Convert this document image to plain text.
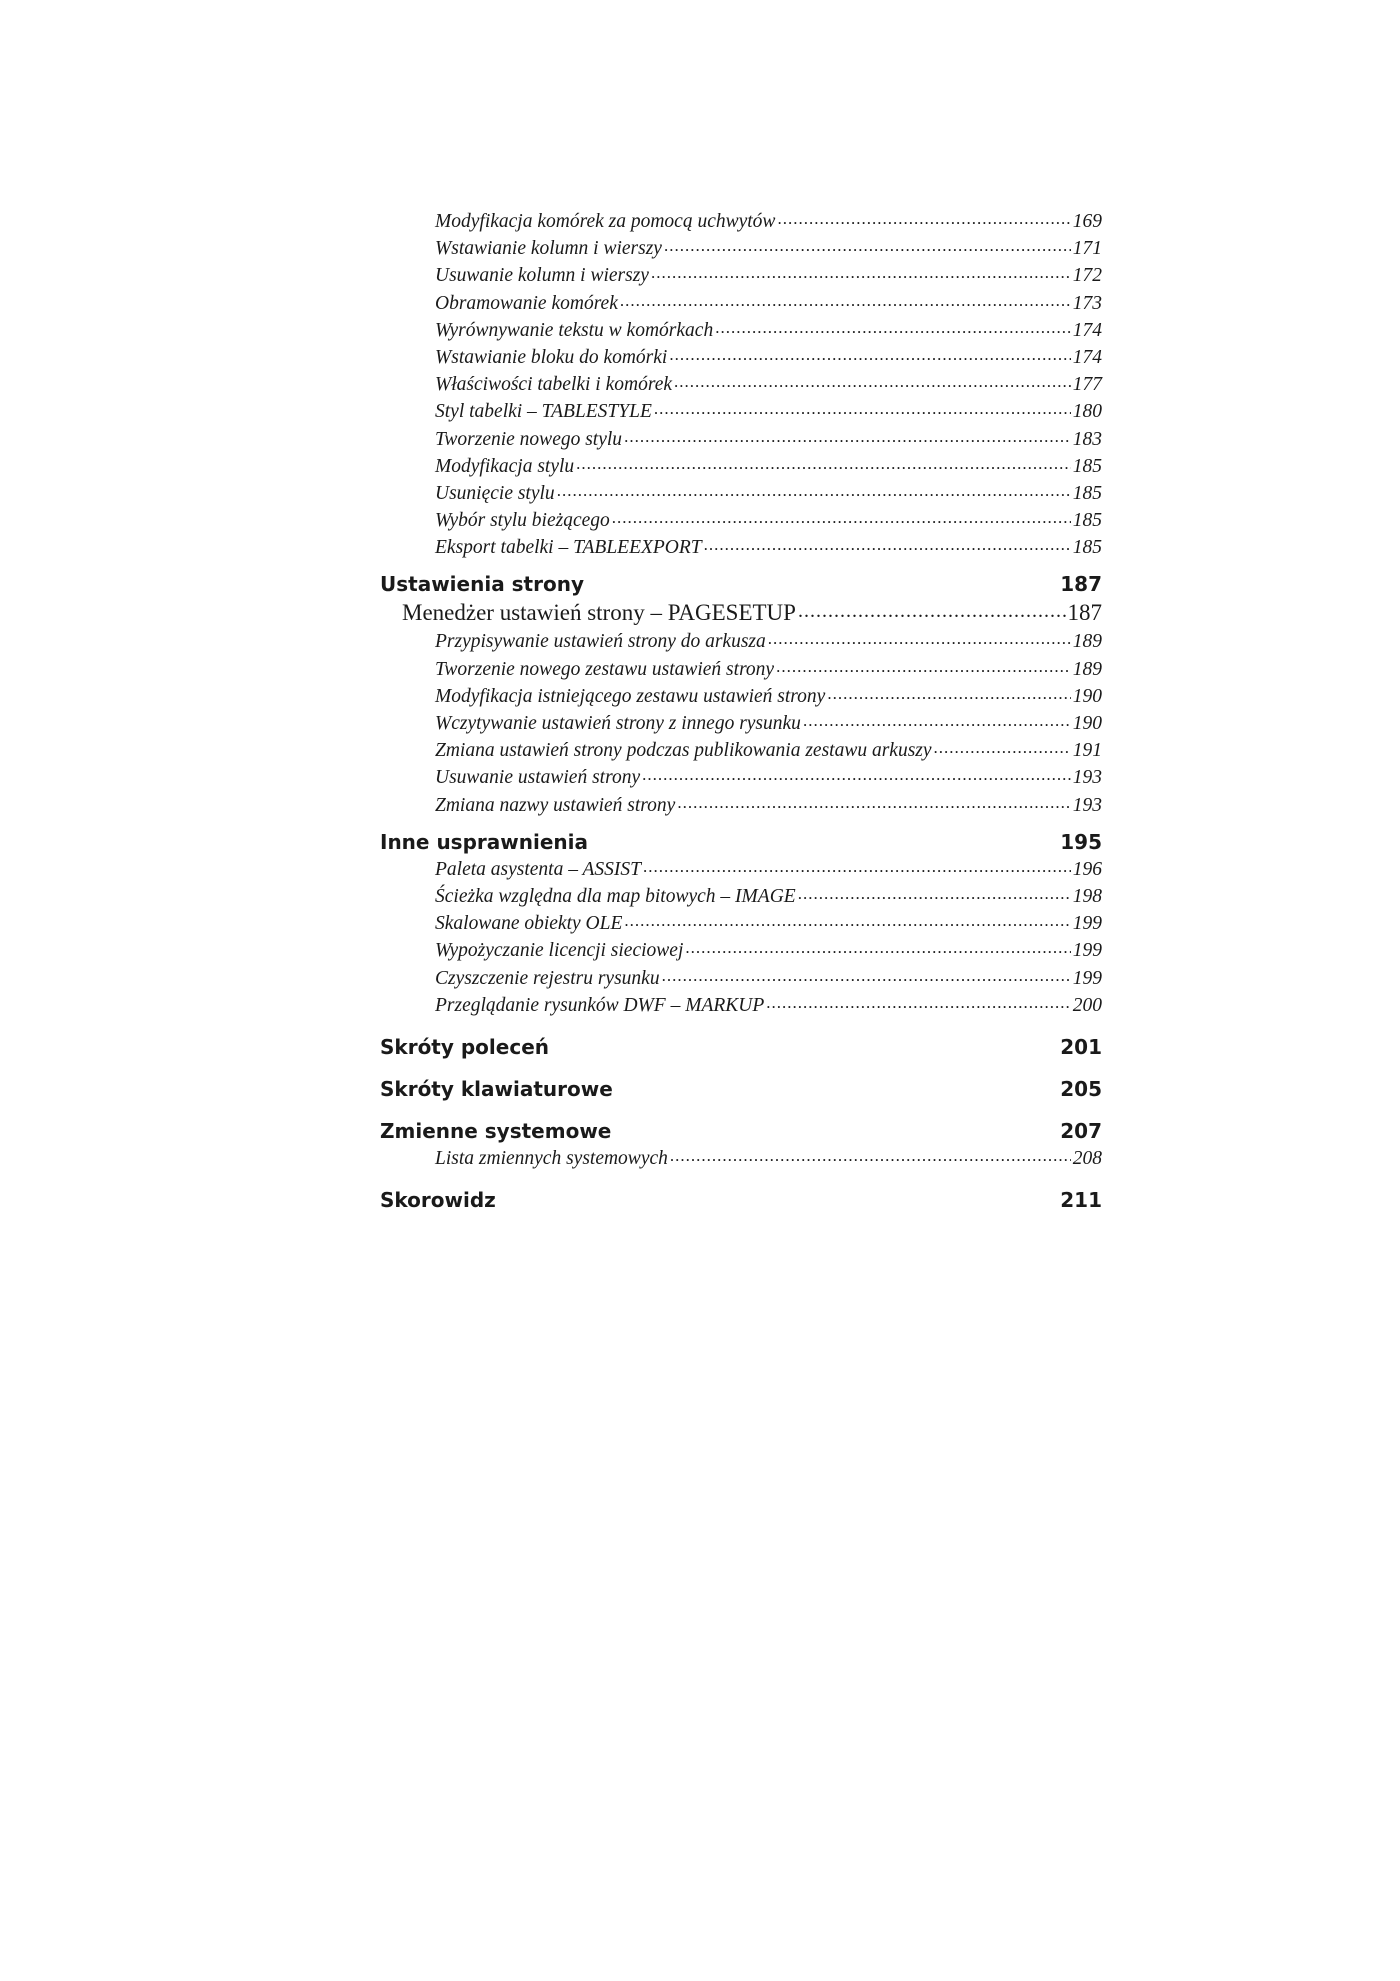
Modyfikacja komórek za pomocą uchwytów .....	169
Wstawianie kolumn i wierszy .....	171
Usuwanie kolumn i wierszy .....	172
Obramowanie komórek .....	173
Wyrównywanie tekstu w komórkach .....	174
Wstawianie bloku do komórki .....	174
Właściwości tabelki i komórek .....	177
Styl tabelki – TABLESTYLE .....	180
Tworzenie nowego stylu .....	183
Modyfikacja stylu .....	185
Usunięcie stylu .....	185
Wybór stylu bieżącego .....	185
Eksport tabelki – TABLEEXPORT .....	185
Ustawienia strony	187
Menedżer ustawień strony – PAGESETUP .....	187
Przypisywanie ustawień strony do arkusza .....	189
Tworzenie nowego zestawu ustawień strony .....	189
Modyfikacja istniejącego zestawu ustawień strony .....	190
Wczytywanie ustawień strony z innego rysunku .....	190
Zmiana ustawień strony podczas publikowania zestawu arkuszy .....	191
Usuwanie ustawień strony .....	193
Zmiana nazwy ustawień strony .....	193
Inne usprawnienia	195
Paleta asystenta – ASSIST .....	196
Ścieżka względna dla map bitowych – IMAGE .....	198
Skalowane obiekty OLE .....	199
Wypożyczanie licencji sieciowej .....	199
Czyszczenie rejestru rysunku .....	199
Przeglądanie rysunków DWF – MARKUP .....	200
Skróty poleceń	201
Skróty klawiaturowe	205
Zmienne systemowe	207
Lista zmiennych systemowych .....	208
Skorowidz	211
